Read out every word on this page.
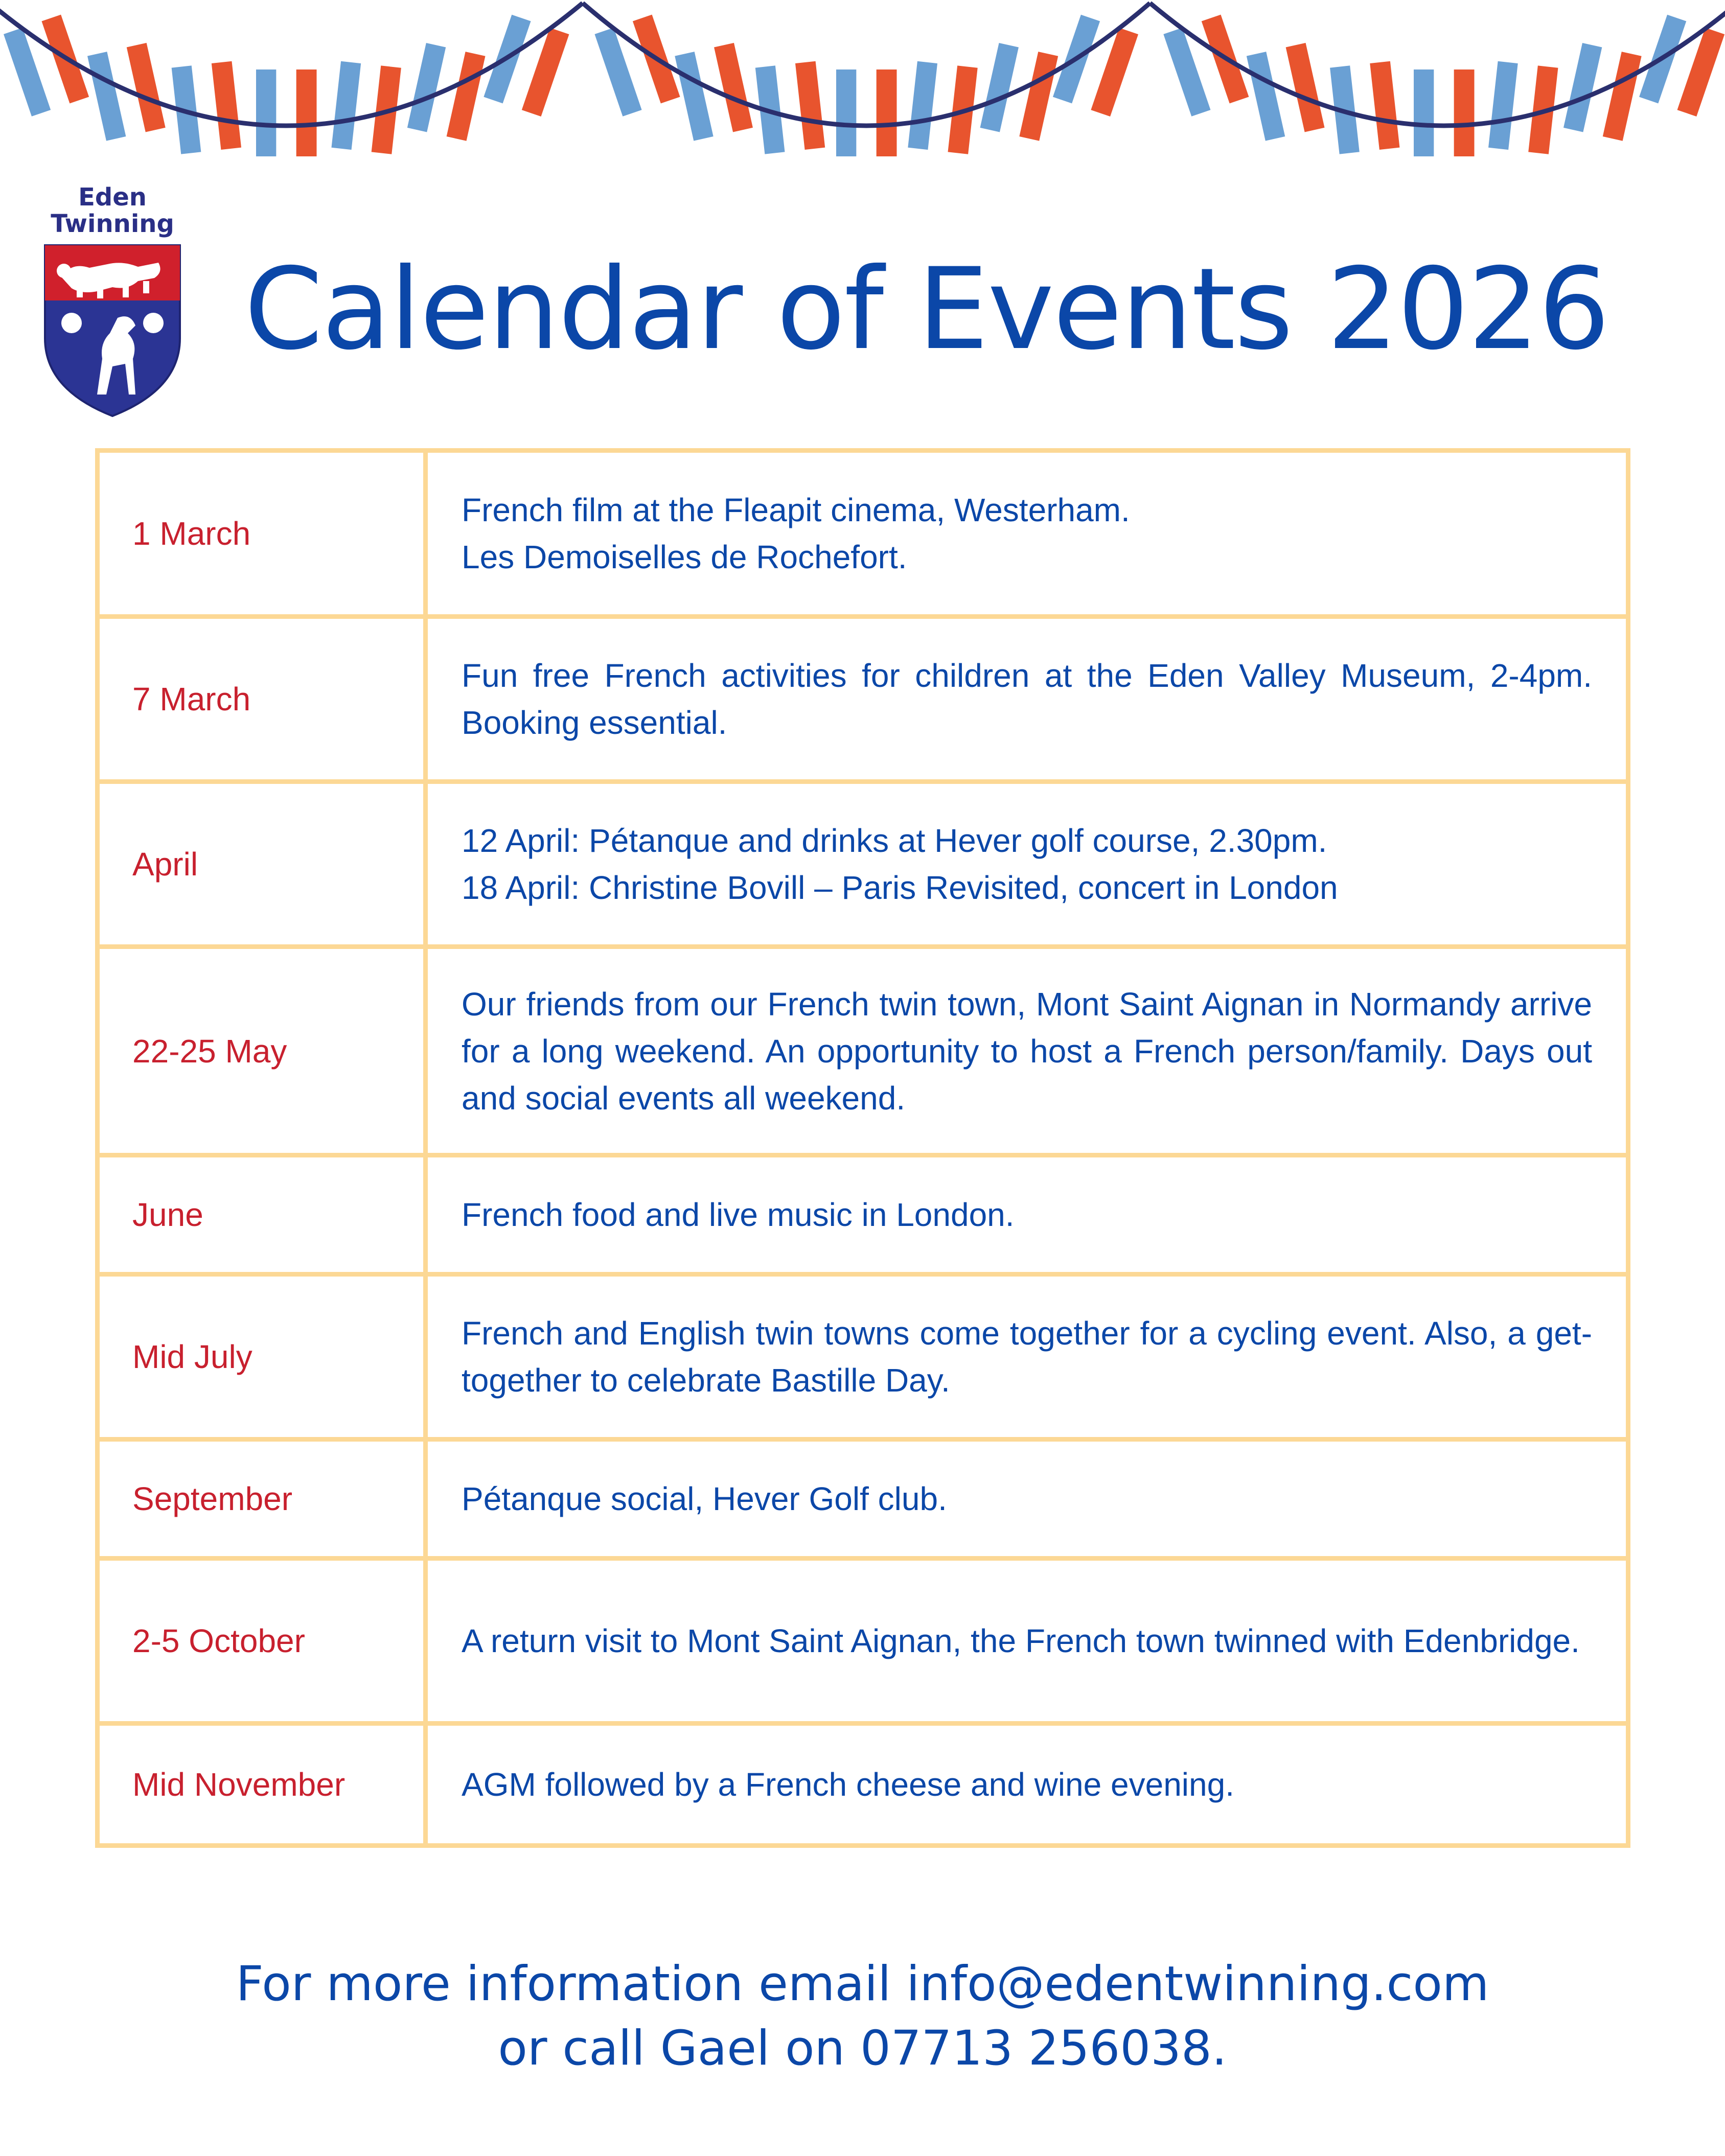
Eden
Twinning
Calendar of Events 2026
1 March	French film at the Fleapit cinema, Westerham.
Les Demoiselles de Rochefort.

7 March	Fun free French activities for children at the Eden Valley Museum, 2-4pm. Booking essential.

April	12 April: Pétanque and drinks at Hever golf course, 2.30pm.
18 April: Christine Bovill – Paris Revisited, concert in London

22-25 May	Our friends from our French twin town, Mont Saint Aignan in Normandy arrive for a long weekend. An opportunity to host a French person/family. Days out and social events all weekend.

June	French food and live music in London.

Mid July	French and English twin towns come together for a cycling event. Also, a get-together to celebrate Bastille Day.

September	Pétanque social, Hever Golf club.

2-5 October	A return visit to Mont Saint Aignan, the French town twinned with Edenbridge.

Mid November	AGM followed by a French cheese and wine evening.
For more information email info@edentwinning.com
or call Gael on 07713 256038.
